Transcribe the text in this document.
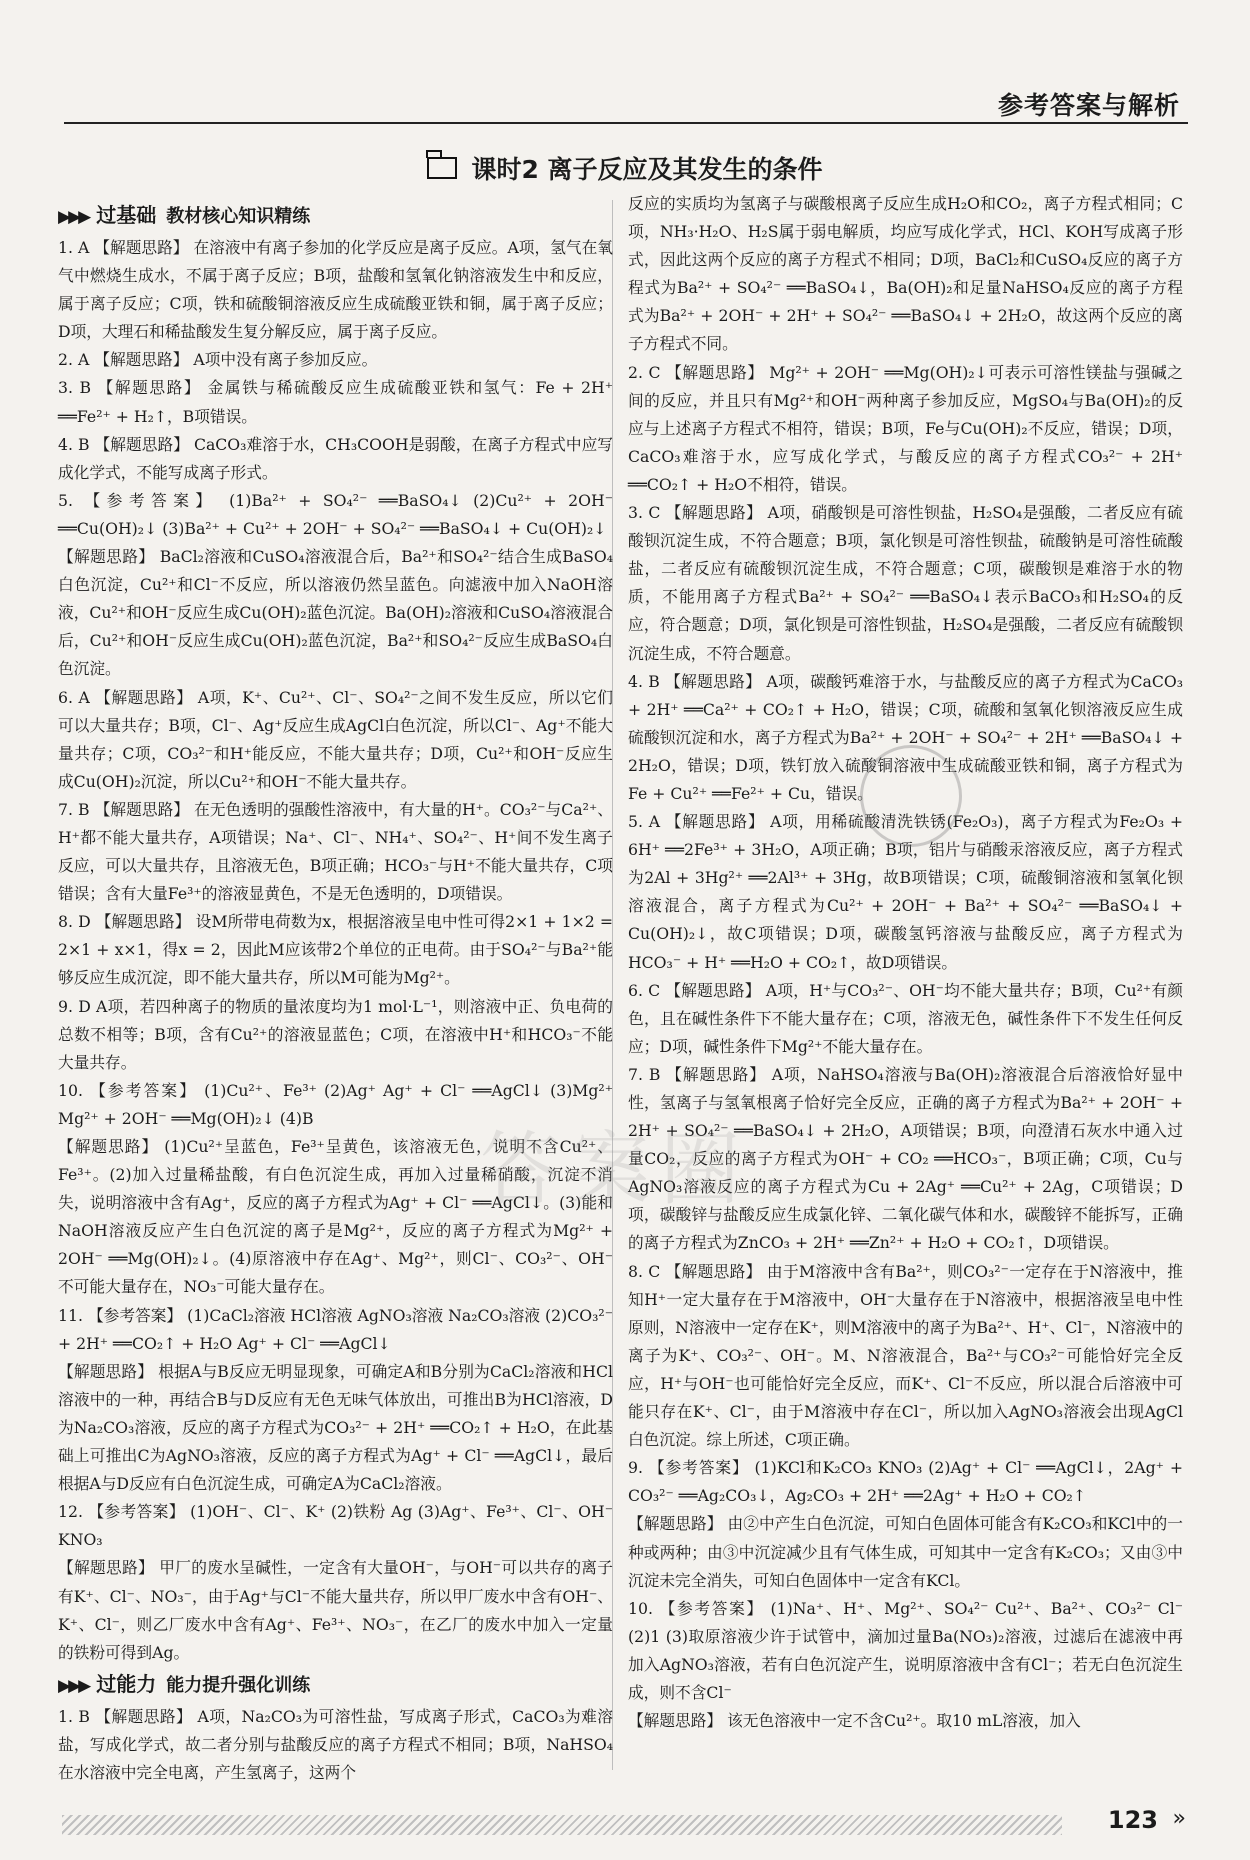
参考答案与解析
课时2 离子反应及其发生的条件
▶▶▶ 过基础 教材核心知识精练

1. A 【解题思路】 在溶液中有离子参加的化学反应是离子反应。A项，氢气在氧气中燃烧生成水，不属于离子反应；B项，盐酸和氢氧化钠溶液发生中和反应，属于离子反应；C项，铁和硫酸铜溶液反应生成硫酸亚铁和铜，属于离子反应；D项，大理石和稀盐酸发生复分解反应，属于离子反应。

2. A 【解题思路】 A项中没有离子参加反应。

3. B 【解题思路】 金属铁与稀硫酸反应生成硫酸亚铁和氢气：Fe + 2H⁺ ══Fe²⁺ + H₂↑，B项错误。

4. B 【解题思路】 CaCO₃难溶于水，CH₃COOH是弱酸，在离子方程式中应写成化学式，不能写成离子形式。

5. 【参考答案】 (1)Ba²⁺ + SO₄²⁻ ══BaSO₄↓ (2)Cu²⁺ + 2OH⁻ ══Cu(OH)₂↓ (3)Ba²⁺ + Cu²⁺ + 2OH⁻ + SO₄²⁻ ══BaSO₄↓ + Cu(OH)₂↓

【解题思路】 BaCl₂溶液和CuSO₄溶液混合后，Ba²⁺和SO₄²⁻结合生成BaSO₄白色沉淀，Cu²⁺和Cl⁻不反应，所以溶液仍然呈蓝色。向滤液中加入NaOH溶液，Cu²⁺和OH⁻反应生成Cu(OH)₂蓝色沉淀。Ba(OH)₂溶液和CuSO₄溶液混合后，Cu²⁺和OH⁻反应生成Cu(OH)₂蓝色沉淀，Ba²⁺和SO₄²⁻反应生成BaSO₄白色沉淀。

6. A 【解题思路】 A项，K⁺、Cu²⁺、Cl⁻、SO₄²⁻之间不发生反应，所以它们可以大量共存；B项，Cl⁻、Ag⁺反应生成AgCl白色沉淀，所以Cl⁻、Ag⁺不能大量共存；C项，CO₃²⁻和H⁺能反应，不能大量共存；D项，Cu²⁺和OH⁻反应生成Cu(OH)₂沉淀，所以Cu²⁺和OH⁻不能大量共存。

7. B 【解题思路】 在无色透明的强酸性溶液中，有大量的H⁺。CO₃²⁻与Ca²⁺、H⁺都不能大量共存，A项错误；Na⁺、Cl⁻、NH₄⁺、SO₄²⁻、H⁺间不发生离子反应，可以大量共存，且溶液无色，B项正确；HCO₃⁻与H⁺不能大量共存，C项错误；含有大量Fe³⁺的溶液显黄色，不是无色透明的，D项错误。

8. D 【解题思路】 设M所带电荷数为x，根据溶液呈电中性可得2×1 + 1×2 = 2×1 + x×1，得x = 2，因此M应该带2个单位的正电荷。由于SO₄²⁻与Ba²⁺能够反应生成沉淀，即不能大量共存，所以M可能为Mg²⁺。

9. D A项，若四种离子的物质的量浓度均为1 mol·L⁻¹，则溶液中正、负电荷的总数不相等；B项，含有Cu²⁺的溶液显蓝色；C项，在溶液中H⁺和HCO₃⁻不能大量共存。

10. 【参考答案】 (1)Cu²⁺、Fe³⁺ (2)Ag⁺ Ag⁺ + Cl⁻ ══AgCl↓ (3)Mg²⁺ Mg²⁺ + 2OH⁻ ══Mg(OH)₂↓ (4)B

【解题思路】 (1)Cu²⁺呈蓝色，Fe³⁺呈黄色，该溶液无色，说明不含Cu²⁺、Fe³⁺。(2)加入过量稀盐酸，有白色沉淀生成，再加入过量稀硝酸，沉淀不消失，说明溶液中含有Ag⁺，反应的离子方程式为Ag⁺ + Cl⁻ ══AgCl↓。(3)能和NaOH溶液反应产生白色沉淀的离子是Mg²⁺，反应的离子方程式为Mg²⁺ + 2OH⁻ ══Mg(OH)₂↓。(4)原溶液中存在Ag⁺、Mg²⁺，则Cl⁻、CO₃²⁻、OH⁻不可能大量存在，NO₃⁻可能大量存在。

11. 【参考答案】 (1)CaCl₂溶液 HCl溶液 AgNO₃溶液 Na₂CO₃溶液 (2)CO₃²⁻ + 2H⁺ ══CO₂↑ + H₂O Ag⁺ + Cl⁻ ══AgCl↓

【解题思路】 根据A与B反应无明显现象，可确定A和B分别为CaCl₂溶液和HCl溶液中的一种，再结合B与D反应有无色无味气体放出，可推出B为HCl溶液，D为Na₂CO₃溶液，反应的离子方程式为CO₃²⁻ + 2H⁺ ══CO₂↑ + H₂O，在此基础上可推出C为AgNO₃溶液，反应的离子方程式为Ag⁺ + Cl⁻ ══AgCl↓，最后根据A与D反应有白色沉淀生成，可确定A为CaCl₂溶液。

12. 【参考答案】 (1)OH⁻、Cl⁻、K⁺ (2)铁粉 Ag (3)Ag⁺、Fe³⁺、Cl⁻、OH⁻ KNO₃

【解题思路】 甲厂的废水呈碱性，一定含有大量OH⁻，与OH⁻可以共存的离子有K⁺、Cl⁻、NO₃⁻，由于Ag⁺与Cl⁻不能大量共存，所以甲厂废水中含有OH⁻、K⁺、Cl⁻，则乙厂废水中含有Ag⁺、Fe³⁺、NO₃⁻，在乙厂的废水中加入一定量的铁粉可得到Ag。

▶▶▶ 过能力 能力提升强化训练

1. B 【解题思路】 A项，Na₂CO₃为可溶性盐，写成离子形式，CaCO₃为难溶盐，写成化学式，故二者分别与盐酸反应的离子方程式不相同；B项，NaHSO₄在水溶液中完全电离，产生氢离子，这两个

反应的实质均为氢离子与碳酸根离子反应生成H₂O和CO₂，离子方程式相同；C项，NH₃·H₂O、H₂S属于弱电解质，均应写成化学式，HCl、KOH写成离子形式，因此这两个反应的离子方程式不相同；D项，BaCl₂和CuSO₄反应的离子方程式为Ba²⁺ + SO₄²⁻ ══BaSO₄↓，Ba(OH)₂和足量NaHSO₄反应的离子方程式为Ba²⁺ + 2OH⁻ + 2H⁺ + SO₄²⁻ ══BaSO₄↓ + 2H₂O，故这两个反应的离子方程式不同。

2. C 【解题思路】 Mg²⁺ + 2OH⁻ ══Mg(OH)₂↓可表示可溶性镁盐与强碱之间的反应，并且只有Mg²⁺和OH⁻两种离子参加反应，MgSO₄与Ba(OH)₂的反应与上述离子方程式不相符，错误；B项，Fe与Cu(OH)₂不反应，错误；D项，CaCO₃难溶于水，应写成化学式，与酸反应的离子方程式CO₃²⁻ + 2H⁺ ══CO₂↑ + H₂O不相符，错误。

3. C 【解题思路】 A项，硝酸钡是可溶性钡盐，H₂SO₄是强酸，二者反应有硫酸钡沉淀生成，不符合题意；B项，氯化钡是可溶性钡盐，硫酸钠是可溶性硫酸盐，二者反应有硫酸钡沉淀生成，不符合题意；C项，碳酸钡是难溶于水的物质，不能用离子方程式Ba²⁺ + SO₄²⁻ ══BaSO₄↓表示BaCO₃和H₂SO₄的反应，符合题意；D项，氯化钡是可溶性钡盐，H₂SO₄是强酸，二者反应有硫酸钡沉淀生成，不符合题意。

4. B 【解题思路】 A项，碳酸钙难溶于水，与盐酸反应的离子方程式为CaCO₃ + 2H⁺ ══Ca²⁺ + CO₂↑ + H₂O，错误；C项，硫酸和氢氧化钡溶液反应生成硫酸钡沉淀和水，离子方程式为Ba²⁺ + 2OH⁻ + SO₄²⁻ + 2H⁺ ══BaSO₄↓ + 2H₂O，错误；D项，铁钉放入硫酸铜溶液中生成硫酸亚铁和铜，离子方程式为Fe + Cu²⁺ ══Fe²⁺ + Cu，错误。

5. A 【解题思路】 A项，用稀硫酸清洗铁锈(Fe₂O₃)，离子方程式为Fe₂O₃ + 6H⁺ ══2Fe³⁺ + 3H₂O，A项正确；B项，铝片与硝酸汞溶液反应，离子方程式为2Al + 3Hg²⁺ ══2Al³⁺ + 3Hg，故B项错误；C项，硫酸铜溶液和氢氧化钡溶液混合，离子方程式为Cu²⁺ + 2OH⁻ + Ba²⁺ + SO₄²⁻ ══BaSO₄↓ + Cu(OH)₂↓，故C项错误；D项，碳酸氢钙溶液与盐酸反应，离子方程式为HCO₃⁻ + H⁺ ══H₂O + CO₂↑，故D项错误。

6. C 【解题思路】 A项，H⁺与CO₃²⁻、OH⁻均不能大量共存；B项，Cu²⁺有颜色，且在碱性条件下不能大量存在；C项，溶液无色，碱性条件下不发生任何反应；D项，碱性条件下Mg²⁺不能大量存在。

7. B 【解题思路】 A项，NaHSO₄溶液与Ba(OH)₂溶液混合后溶液恰好显中性，氢离子与氢氧根离子恰好完全反应，正确的离子方程式为Ba²⁺ + 2OH⁻ + 2H⁺ + SO₄²⁻ ══BaSO₄↓ + 2H₂O，A项错误；B项，向澄清石灰水中通入过量CO₂，反应的离子方程式为OH⁻ + CO₂ ══HCO₃⁻，B项正确；C项，Cu与AgNO₃溶液反应的离子方程式为Cu + 2Ag⁺ ══Cu²⁺ + 2Ag，C项错误；D项，碳酸锌与盐酸反应生成氯化锌、二氧化碳气体和水，碳酸锌不能拆写，正确的离子方程式为ZnCO₃ + 2H⁺ ══Zn²⁺ + H₂O + CO₂↑，D项错误。

8. C 【解题思路】 由于M溶液中含有Ba²⁺，则CO₃²⁻一定存在于N溶液中，推知H⁺一定大量存在于M溶液中，OH⁻大量存在于N溶液中，根据溶液呈电中性原则，N溶液中一定存在K⁺，则M溶液中的离子为Ba²⁺、H⁺、Cl⁻，N溶液中的离子为K⁺、CO₃²⁻、OH⁻。M、N溶液混合，Ba²⁺与CO₃²⁻可能恰好完全反应，H⁺与OH⁻也可能恰好完全反应，而K⁺、Cl⁻不反应，所以混合后溶液中可能只存在K⁺、Cl⁻，由于M溶液中存在Cl⁻，所以加入AgNO₃溶液会出现AgCl白色沉淀。综上所述，C项正确。

9. 【参考答案】 (1)KCl和K₂CO₃ KNO₃ (2)Ag⁺ + Cl⁻ ══AgCl↓，2Ag⁺ + CO₃²⁻ ══Ag₂CO₃↓，Ag₂CO₃ + 2H⁺ ══2Ag⁺ + H₂O + CO₂↑

【解题思路】 由②中产生白色沉淀，可知白色固体可能含有K₂CO₃和KCl中的一种或两种；由③中沉淀减少且有气体生成，可知其中一定含有K₂CO₃；又由③中沉淀未完全消失，可知白色固体中一定含有KCl。

10. 【参考答案】 (1)Na⁺、H⁺、Mg²⁺、SO₄²⁻ Cu²⁺、Ba²⁺、CO₃²⁻ Cl⁻ (2)1 (3)取原溶液少许于试管中，滴加过量Ba(NO₃)₂溶液，过滤后在滤液中再加入AgNO₃溶液，若有白色沉淀产生，说明原溶液中含有Cl⁻；若无白色沉淀生成，则不含Cl⁻

【解题思路】 该无色溶液中一定不含Cu²⁺。取10 mL溶液，加入

答案圈
123 »
